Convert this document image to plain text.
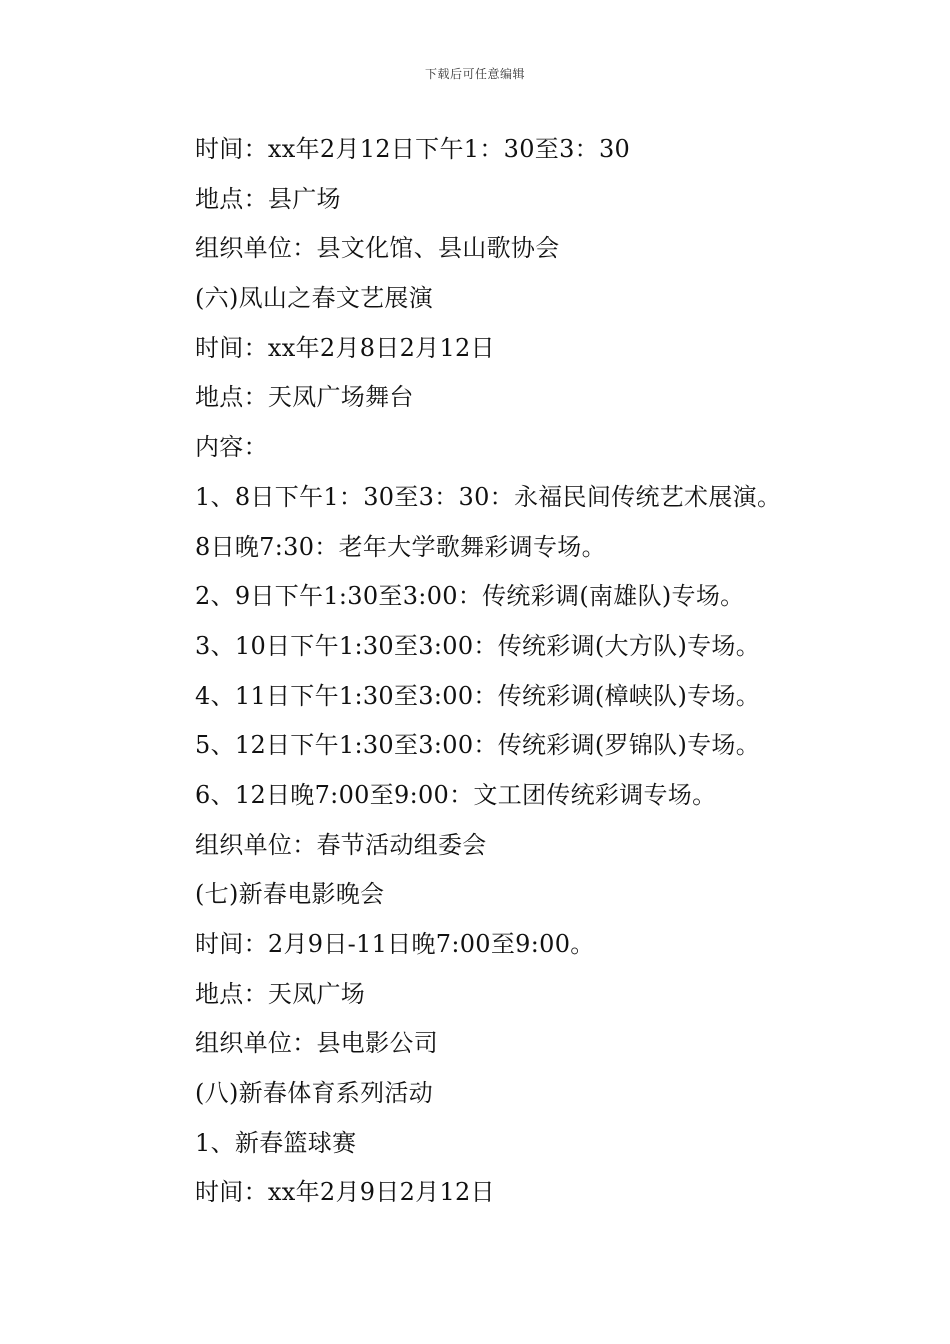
下载后可任意编辑
时间：xx年2月12日下午1：30至3：30
地点：县广场
组织单位：县文化馆、县山歌协会
(六)凤山之春文艺展演
时间：xx年2月8日2月12日
地点：天凤广场舞台
内容：
1、8日下午1：30至3：30：永福民间传统艺术展演。
8日晚7:30：老年大学歌舞彩调专场。
2、9日下午1:30至3:00：传统彩调(南雄队)专场。
3、10日下午1:30至3:00：传统彩调(大方队)专场。
4、11日下午1:30至3:00：传统彩调(樟峡队)专场。
5、12日下午1:30至3:00：传统彩调(罗锦队)专场。
6、12日晚7:00至9:00：文工团传统彩调专场。
组织单位：春节活动组委会
(七)新春电影晚会
时间：2月9日-11日晚7:00至9:00。
地点：天凤广场
组织单位：县电影公司
(八)新春体育系列活动
1、新春篮球赛
时间：xx年2月9日2月12日
